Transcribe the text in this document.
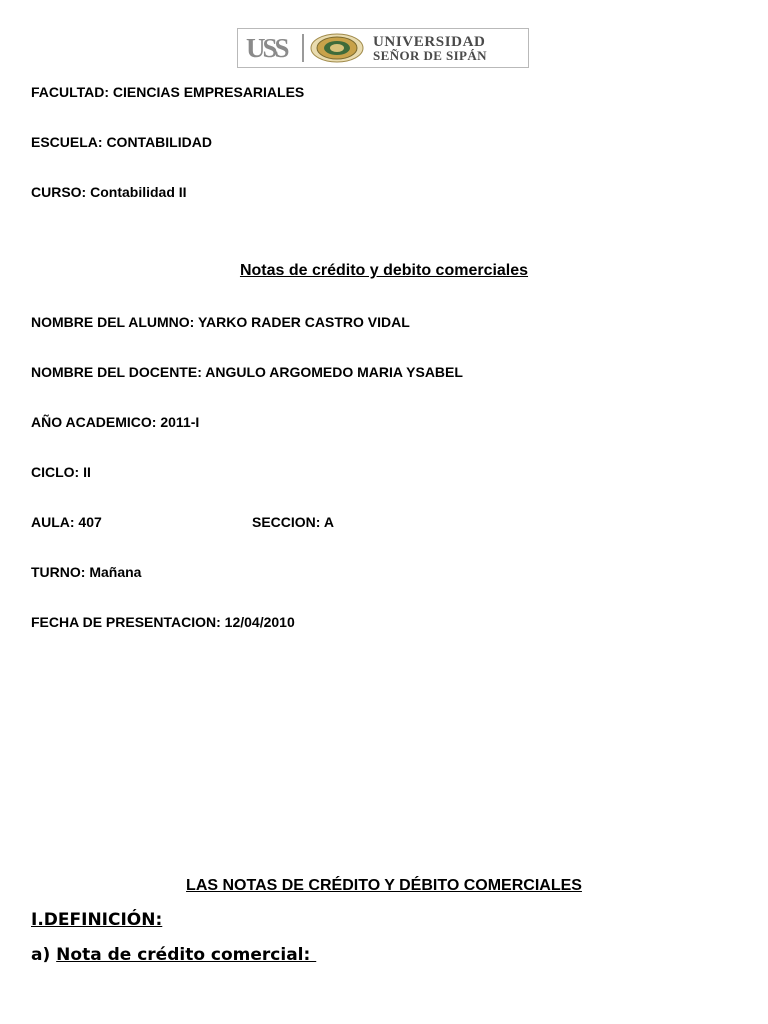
USS	UNIVERSIDAD
SEÑOR DE SIPÁN
FACULTAD: CIENCIAS EMPRESARIALES
ESCUELA: CONTABILIDAD
CURSO: Contabilidad II
Notas de crédito y debito comerciales
NOMBRE DEL ALUMNO: YARKO RADER CASTRO VIDAL
NOMBRE DEL DOCENTE: ANGULO ARGOMEDO MARIA YSABEL
AÑO ACADEMICO: 2011-I
CICLO: II
AULA: 407	SECCION: A
TURNO: Mañana
FECHA DE PRESENTACION: 12/04/2010
LAS NOTAS DE CRÉDITO Y DÉBITO COMERCIALES
I.DEFINICIÓN:
a) Nota de crédito comercial:
